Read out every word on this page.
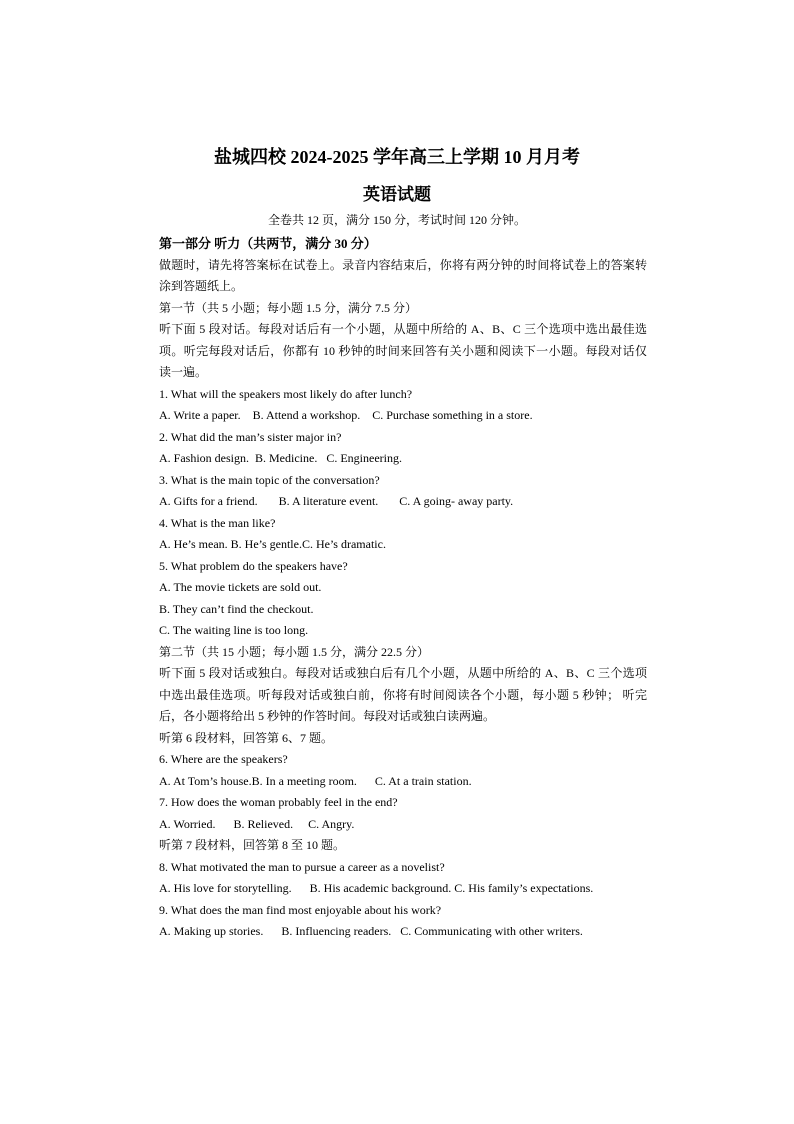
盐城四校 2024-2025 学年高三上学期 10 月月考
英语试题
全卷共 12 页，满分 150 分，考试时间 120 分钟。
第一部分 听力（共两节，满分 30 分）
做题时，请先将答案标在试卷上。录音内容结束后，你将有两分钟的时间将试卷上的答案转
涂到答题纸上。
第一节（共 5 小题；每小题 1.5 分，满分 7.5 分）
听下面 5 段对话。每段对话后有一个小题，从题中所给的 A、B、C 三个选项中选出最佳选
项。听完每段对话后，你都有 10 秒钟的时间来回答有关小题和阅读下一小题。每段对话仅
读一遍。
1. What will the speakers most likely do after lunch?
A. Write a paper.    B. Attend a workshop.    C. Purchase something in a store.
2. What did the man’s sister major in?
A. Fashion design.  B. Medicine.   C. Engineering.
3. What is the main topic of the conversation?
A. Gifts for a friend.       B. A literature event.       C. A going- away party.
4. What is the man like?
A. He’s mean. B. He’s gentle.C. He’s dramatic.
5. What problem do the speakers have?
A. The movie tickets are sold out.
B. They can’t find the checkout.
C. The waiting line is too long.
第二节（共 15 小题；每小题 1.5 分，满分 22.5 分）
听下面 5 段对话或独白。每段对话或独白后有几个小题，从题中所给的 A、B、C 三个选项
中选出最佳选项。听每段对话或独白前，你将有时间阅读各个小题，每小题 5 秒钟； 听完
后，各小题将给出 5 秒钟的作答时间。每段对话或独白读两遍。
听第 6 段材料，回答第 6、7 题。
6. Where are the speakers?
A. At Tom’s house.B. In a meeting room.      C. At a train station.
7. How does the woman probably feel in the end?
A. Worried.      B. Relieved.     C. Angry.
听第 7 段材料，回答第 8 至 10 题。
8. What motivated the man to pursue a career as a novelist?
A. His love for storytelling.      B. His academic background. C. His family’s expectations.
9. What does the man find most enjoyable about his work?
A. Making up stories.      B. Influencing readers.   C. Communicating with other writers.
